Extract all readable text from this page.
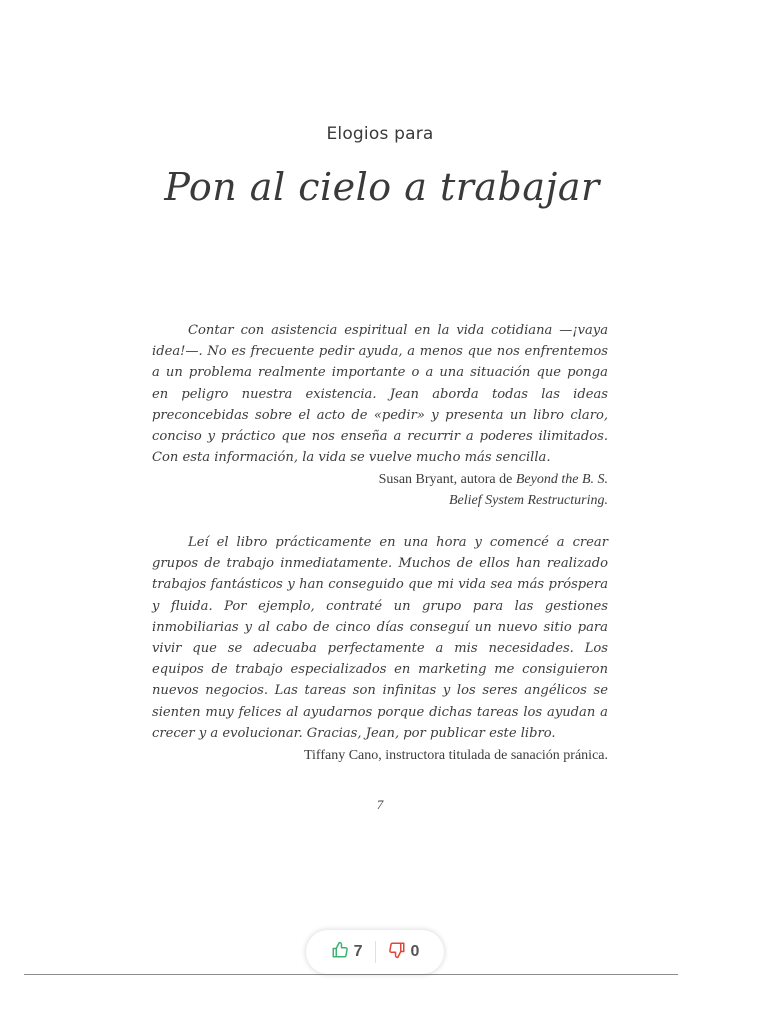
Elogios para
Pon al cielo a trabajar

Contar con asistencia espiritual en la vida cotidiana —¡vaya idea!—. No es frecuente pedir ayuda, a menos que nos enfrentemos a un problema realmente importante o a una situación que ponga en peligro nuestra existencia. Jean aborda todas las ideas preconcebidas sobre el acto de «pedir» y presenta un libro claro, conciso y práctico que nos enseña a recurrir a poderes ilimitados. Con esta información, la vida se vuelve mucho más sencilla.

Susan Bryant, autora de Beyond the B. S.
Belief System Restructuring.

Leí el libro prácticamente en una hora y comencé a crear grupos de trabajo inmediatamente. Muchos de ellos han realizado trabajos fantásticos y han conseguido que mi vida sea más próspera y fluida. Por ejemplo, contraté un grupo para las gestiones inmobiliarias y al cabo de cinco días conseguí un nuevo sitio para vivir que se adecuaba perfectamente a mis necesidades. Los equipos de trabajo especializados en marketing me consiguieron nuevos negocios. Las tareas son infinitas y los seres angélicos se sienten muy felices al ayudarnos porque dichas tareas los ayudan a crecer y a evolucionar. Gracias, Jean, por publicar este libro.

Tiffany Cano, instructora titulada de sanación pránica.
7
7	0
